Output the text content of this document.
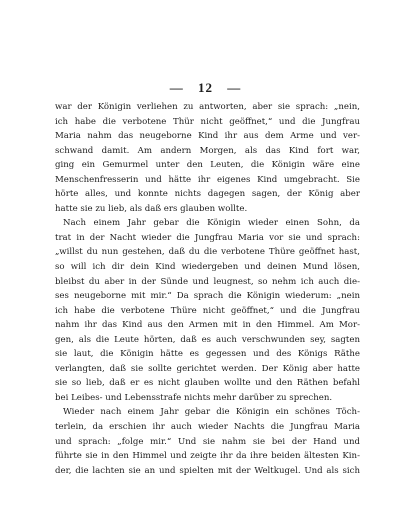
— 12 —
war der Königin verliehen zu antworten, aber sie sprach: „nein,
ich habe die verbotene Thür nicht geöffnet,“ und die Jungfrau
Maria nahm das neugeborne Kind ihr aus dem Arme und ver-
schwand damit. Am andern Morgen, als das Kind fort war,
ging ein Gemurmel unter den Leuten, die Königin wäre eine
Menschenfresserin und hätte ihr eigenes Kind umgebracht. Sie
hörte alles, und konnte nichts dagegen sagen, der König aber
hatte sie zu lieb, als daß ers glauben wollte.
Nach einem Jahr gebar die Königin wieder einen Sohn, da
trat in der Nacht wieder die Jungfrau Maria vor sie und sprach:
„willst du nun gestehen, daß du die verbotene Thüre geöffnet hast,
so will ich dir dein Kind wiedergeben und deinen Mund lösen,
bleibst du aber in der Sünde und leugnest, so nehm ich auch die-
ses neugeborne mit mir.“ Da sprach die Königin wiederum: „nein
ich habe die verbotene Thüre nicht geöffnet,“ und die Jungfrau
nahm ihr das Kind aus den Armen mit in den Himmel. Am Mor-
gen, als die Leute hörten, daß es auch verschwunden sey, sagten
sie laut, die Königin hätte es gegessen und des Königs Räthe
verlangten, daß sie sollte gerichtet werden. Der König aber hatte
sie so lieb, daß er es nicht glauben wollte und den Räthen befahl
bei Leibes- und Lebensstrafe nichts mehr darüber zu sprechen.
Wieder nach einem Jahr gebar die Königin ein schönes Töch-
terlein, da erschien ihr auch wieder Nachts die Jungfrau Maria
und sprach: „folge mir.“ Und sie nahm sie bei der Hand und
führte sie in den Himmel und zeigte ihr da ihre beiden ältesten Kin-
der, die lachten sie an und spielten mit der Weltkugel. Und als sich
